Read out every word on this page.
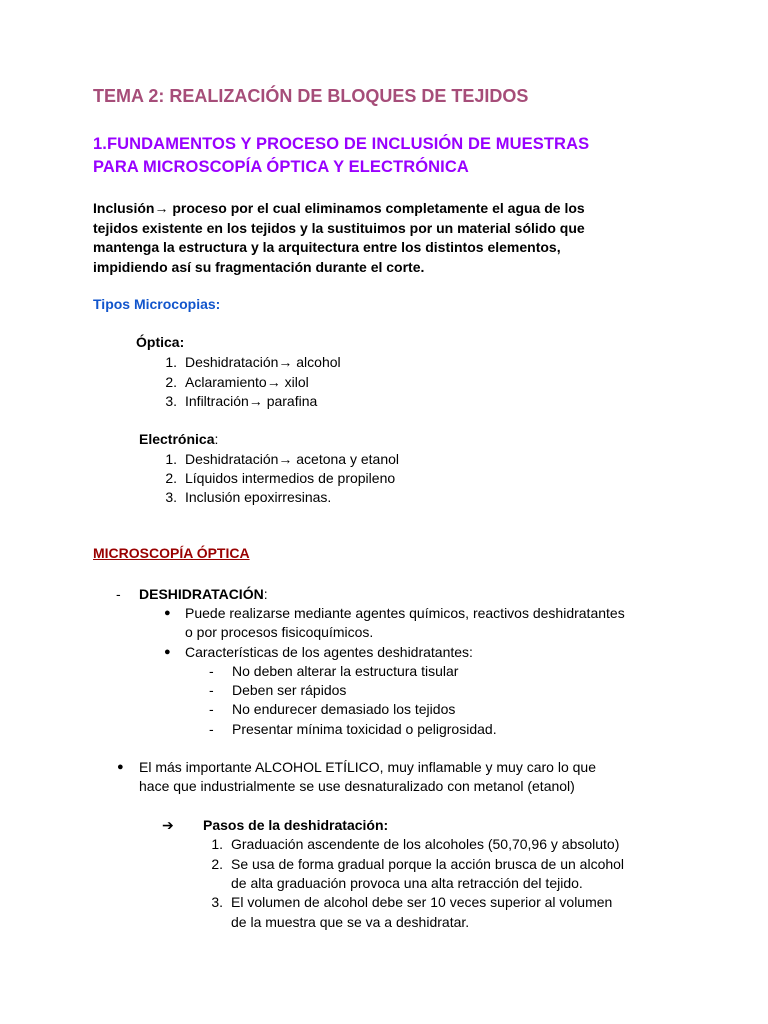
TEMA 2: REALIZACIÓN DE BLOQUES DE TEJIDOS
1.FUNDAMENTOS Y PROCESO DE INCLUSIÓN DE MUESTRAS
PARA MICROSCOPÍA ÓPTICA Y ELECTRÓNICA
Inclusión→ proceso por el cual eliminamos completamente el agua de los
tejidos existente en los tejidos y la sustituimos por un material sólido que
mantenga la estructura y la arquitectura entre los distintos elementos,
impidiendo así su fragmentación durante el corte.
Tipos Microcopias:
Óptica:
1. Deshidratación→ alcohol
2. Aclaramiento→ xilol
3. Infiltración→ parafina
Electrónica:
1. Deshidratación→ acetona y etanol
2. Líquidos intermedios de propileno
3. Inclusión epoxirresinas.
MICROSCOPÍA ÓPTICA
- DESHIDRATACIÓN:
● Puede realizarse mediante agentes químicos, reactivos deshidratantes
o por procesos fisicoquímicos.
● Características de los agentes deshidratantes:
- No deben alterar la estructura tisular
- Deben ser rápidos
- No endurecer demasiado los tejidos
- Presentar mínima toxicidad o peligrosidad.
● El más importante ALCOHOL ETÍLICO, muy inflamable y muy caro lo que
hace que industrialmente se use desnaturalizado con metanol (etanol)
➔ Pasos de la deshidratación:
1. Graduación ascendente de los alcoholes (50,70,96 y absoluto)
2. Se usa de forma gradual porque la acción brusca de un alcohol
de alta graduación provoca una alta retracción del tejido.
3. El volumen de alcohol debe ser 10 veces superior al volumen
de la muestra que se va a deshidratar.
